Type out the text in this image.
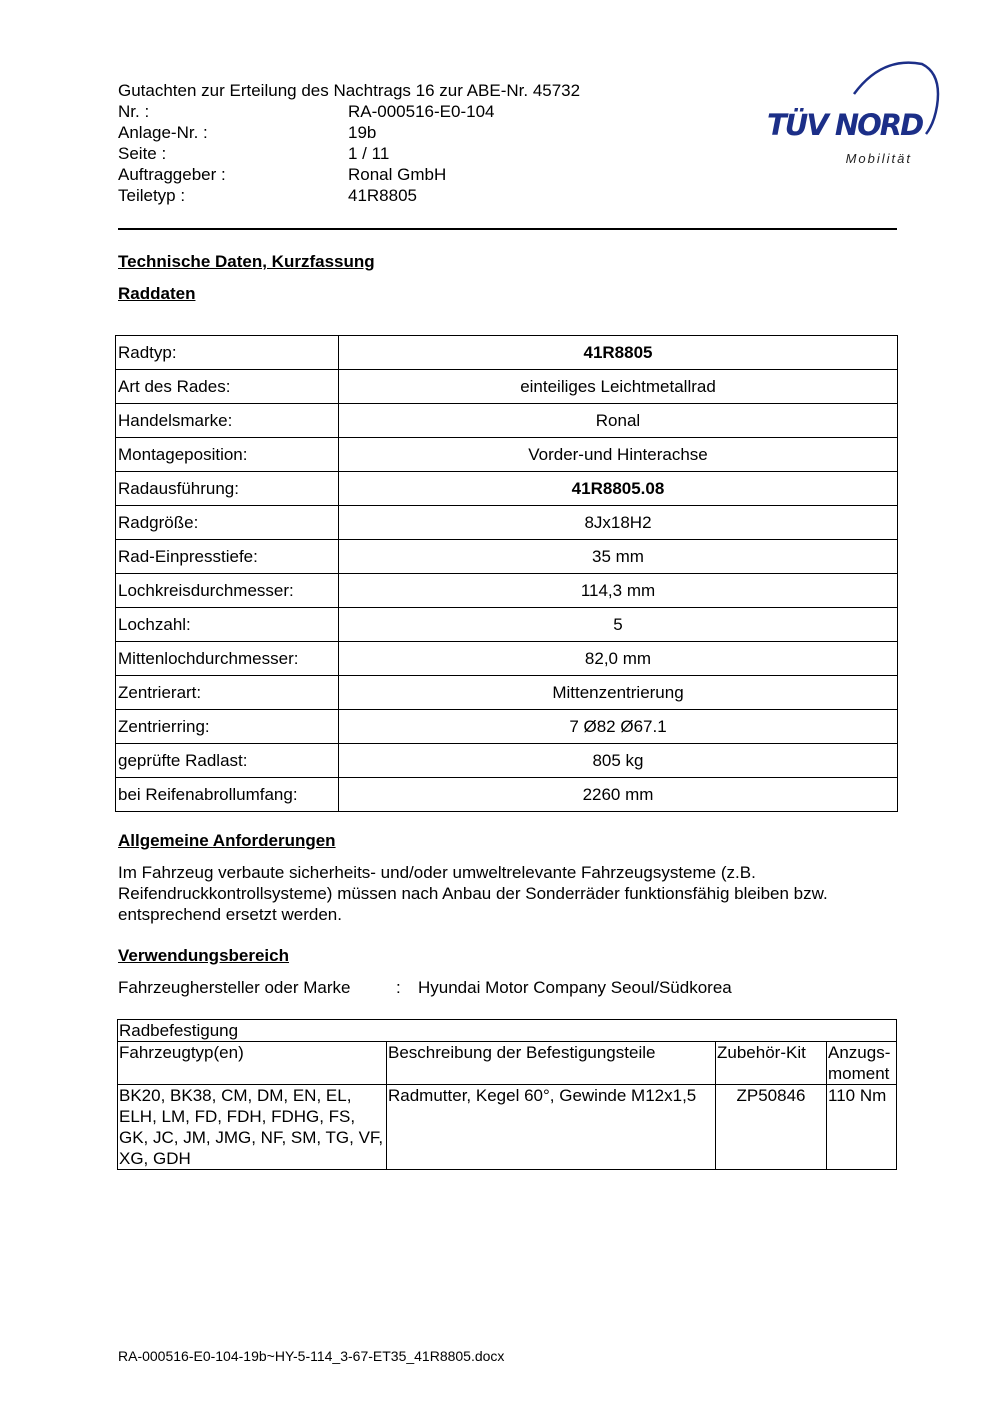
Gutachten zur Erteilung des Nachtrags 16 zur ABE-Nr. 45732
Nr. :	RA-000516-E0-104
Anlage-Nr. :	19b
Seite :	1 / 11
Auftraggeber :	Ronal GmbH
Teiletyp :	41R8805
TÜV NORD
Mobilität
Technische Daten, Kurzfassung
Raddaten
Radtyp:	41R8805
Art des Rades:	einteiliges Leichtmetallrad
Handelsmarke:	Ronal
Montageposition:	Vorder-und Hinterachse
Radausführung:	41R8805.08
Radgröße:	8Jx18H2
Rad-Einpresstiefe:	35 mm
Lochkreisdurchmesser:	114,3 mm
Lochzahl:	5
Mittenlochdurchmesser:	82,0 mm
Zentrierart:	Mittenzentrierung
Zentrierring:	7 Ø82 Ø67.1
geprüfte Radlast:	805 kg
bei Reifenabrollumfang:	2260 mm
Allgemeine Anforderungen
Im Fahrzeug verbaute sicherheits- und/oder umweltrelevante Fahrzeugsysteme (z.B. Reifendruckkontrollsysteme) müssen nach Anbau der Sonderräder funktionsfähig bleiben bzw. entsprechend ersetzt werden.
Verwendungsbereich
Fahrzeughersteller oder Marke	:	Hyundai Motor Company Seoul/Südkorea
Radbefestigung			
Fahrzeugtyp(en)	Beschreibung der Befestigungsteile	Zubehör-Kit	Anzugs-moment
BK20, BK38, CM, DM, EN, EL, ELH, LM, FD, FDH, FDHG, FS, GK, JC, JM, JMG, NF, SM, TG, VF, XG, GDH	Radmutter, Kegel 60°, Gewinde M12x1,5	ZP50846	110 Nm
RA-000516-E0-104-19b~HY-5-114_3-67-ET35_41R8805.docx
